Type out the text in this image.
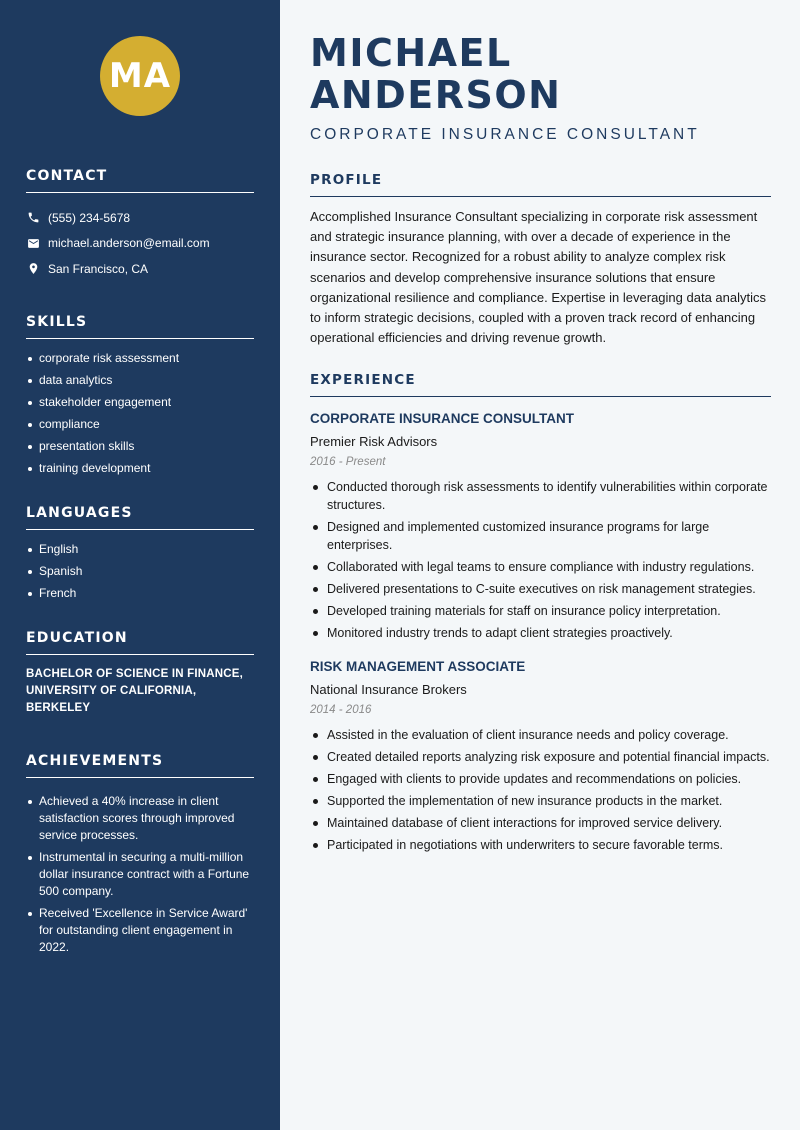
MA
CONTACT
(555) 234-5678
michael.anderson@email.com
San Francisco, CA
SKILLS
corporate risk assessment
data analytics
stakeholder engagement
compliance
presentation skills
training development
LANGUAGES
English
Spanish
French
EDUCATION

BACHELOR OF SCIENCE IN FINANCE, UNIVERSITY OF CALIFORNIA, BERKELEY

ACHIEVEMENTS
Achieved a 40% increase in client satisfaction scores through improved service processes.
Instrumental in securing a multi-million dollar insurance contract with a Fortune 500 company.
Received 'Excellence in Service Award' for outstanding client engagement in 2022.
MICHAEL ANDERSON
CORPORATE INSURANCE CONSULTANT
PROFILE

Accomplished Insurance Consultant specializing in corporate risk assessment and strategic insurance planning, with over a decade of experience in the insurance sector. Recognized for a robust ability to analyze complex risk scenarios and develop comprehensive insurance solutions that ensure organizational resilience and compliance. Expertise in leveraging data analytics to inform strategic decisions, coupled with a proven track record of enhancing operational efficiencies and driving revenue growth.

EXPERIENCE
CORPORATE INSURANCE CONSULTANT
Premier Risk Advisors
2016 - Present
Conducted thorough risk assessments to identify vulnerabilities within corporate structures.
Designed and implemented customized insurance programs for large enterprises.
Collaborated with legal teams to ensure compliance with industry regulations.
Delivered presentations to C-suite executives on risk management strategies.
Developed training materials for staff on insurance policy interpretation.
Monitored industry trends to adapt client strategies proactively.
RISK MANAGEMENT ASSOCIATE
National Insurance Brokers
2014 - 2016
Assisted in the evaluation of client insurance needs and policy coverage.
Created detailed reports analyzing risk exposure and potential financial impacts.
Engaged with clients to provide updates and recommendations on policies.
Supported the implementation of new insurance products in the market.
Maintained database of client interactions for improved service delivery.
Participated in negotiations with underwriters to secure favorable terms.
